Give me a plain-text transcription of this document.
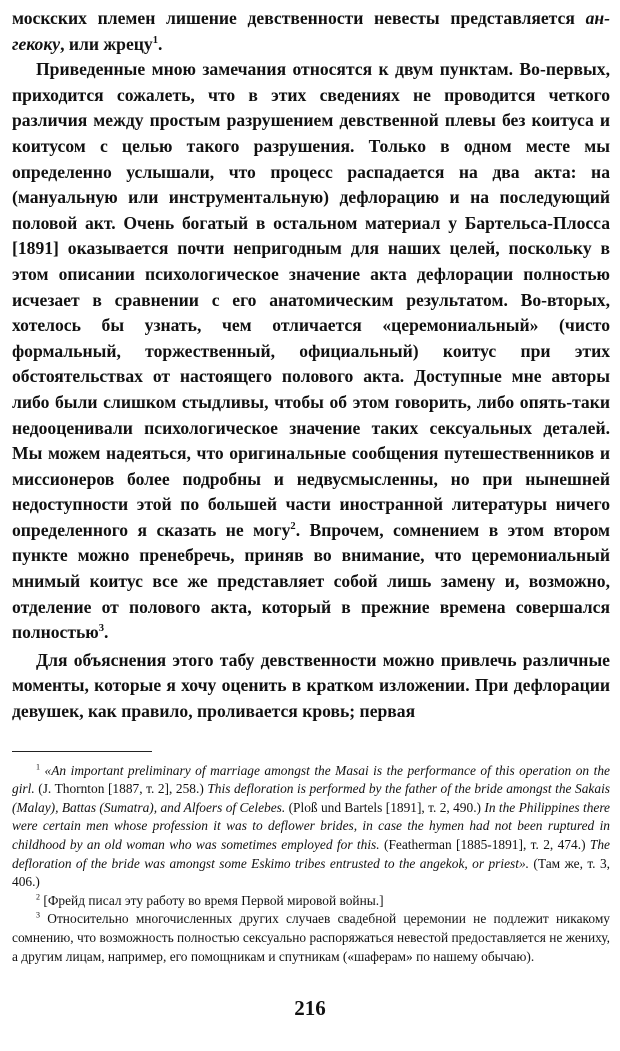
москских племен лишение девственности невесты представляется ангекоку, или жрецу$^1$.

Приведенные мною замечания относятся к двум пунктам. Во-первых, приходится сожалеть, что в этих сведениях не проводится четкого различия между простым разрушением девственной плевы без коитуса и коитусом с целью такого разрушения. Только в одном месте мы определенно услышали, что процесс распадается на два акта: на (мануальную или инструментальную) дефлорацию и на последующий половой акт. Очень богатый в остальном материал у Бартельса-Плосса [1891] оказывается почти непригодным для наших целей, поскольку в этом описании психологическое значение акта дефлорации полностью исчезает в сравнении с его анатомическим результатом. Во-вторых, хотелось бы узнать, чем отличается «церемониальный» (чисто формальный, торжественный, официальный) коитус при этих обстоятельствах от настоящего полового акта. Доступные мне авторы либо были слишком стыдливы, чтобы об этом говорить, либо опять-таки недооценивали психологическое значение таких сексуальных деталей. Мы можем надеяться, что оригинальные сообщения путешественников и миссионеров более подробны и недвусмысленны, но при нынешней недоступности этой по большей части иностранной литературы ничего определенного я сказать не могу$^2$. Впрочем, сомнением в этом втором пункте можно пренебречь, приняв во внимание, что церемониальный мнимый коитус все же представляет собой лишь замену и, возможно, отделение от полового акта, который в прежние времена совершался полностью$^3$.

Для объяснения этого табу девственности можно привлечь различные моменты, которые я хочу оценить в кратком изложении. При дефлорации девушек, как правило, проливается кровь; первая

$^1$ «An important preliminary of marriage amongst the Masai is the performance of this operation on the girl. (J. Thornton [1887, т. 2], 258.) This defloration is performed by the father of the bride amongst the Sakais (Malay), Battas (Sumatra), and Alfoers of Celebes. (Ploß und Bartels [1891], т. 2, 490.) In the Philippines there were certain men whose profession it was to deflower brides, in case the hymen had not been ruptured in childhood by an old woman who was sometimes employed for this. (Featherman [1885-1891], т. 2, 474.) The defloration of the bride was amongst some Eskimo tribes entrusted to the angekok, or priest». (Там же, т. 3, 406.)

$^2$ [Фрейд писал эту работу во время Первой мировой войны.]

$^3$ Относительно многочисленных других случаев свадебной церемонии не подлежит никакому сомнению, что возможность полностью сексуально распоряжаться невестой предоставляется не жениху, а другим лицам, например, его помощникам и спутникам («шаферам» по нашему обычаю).

216
